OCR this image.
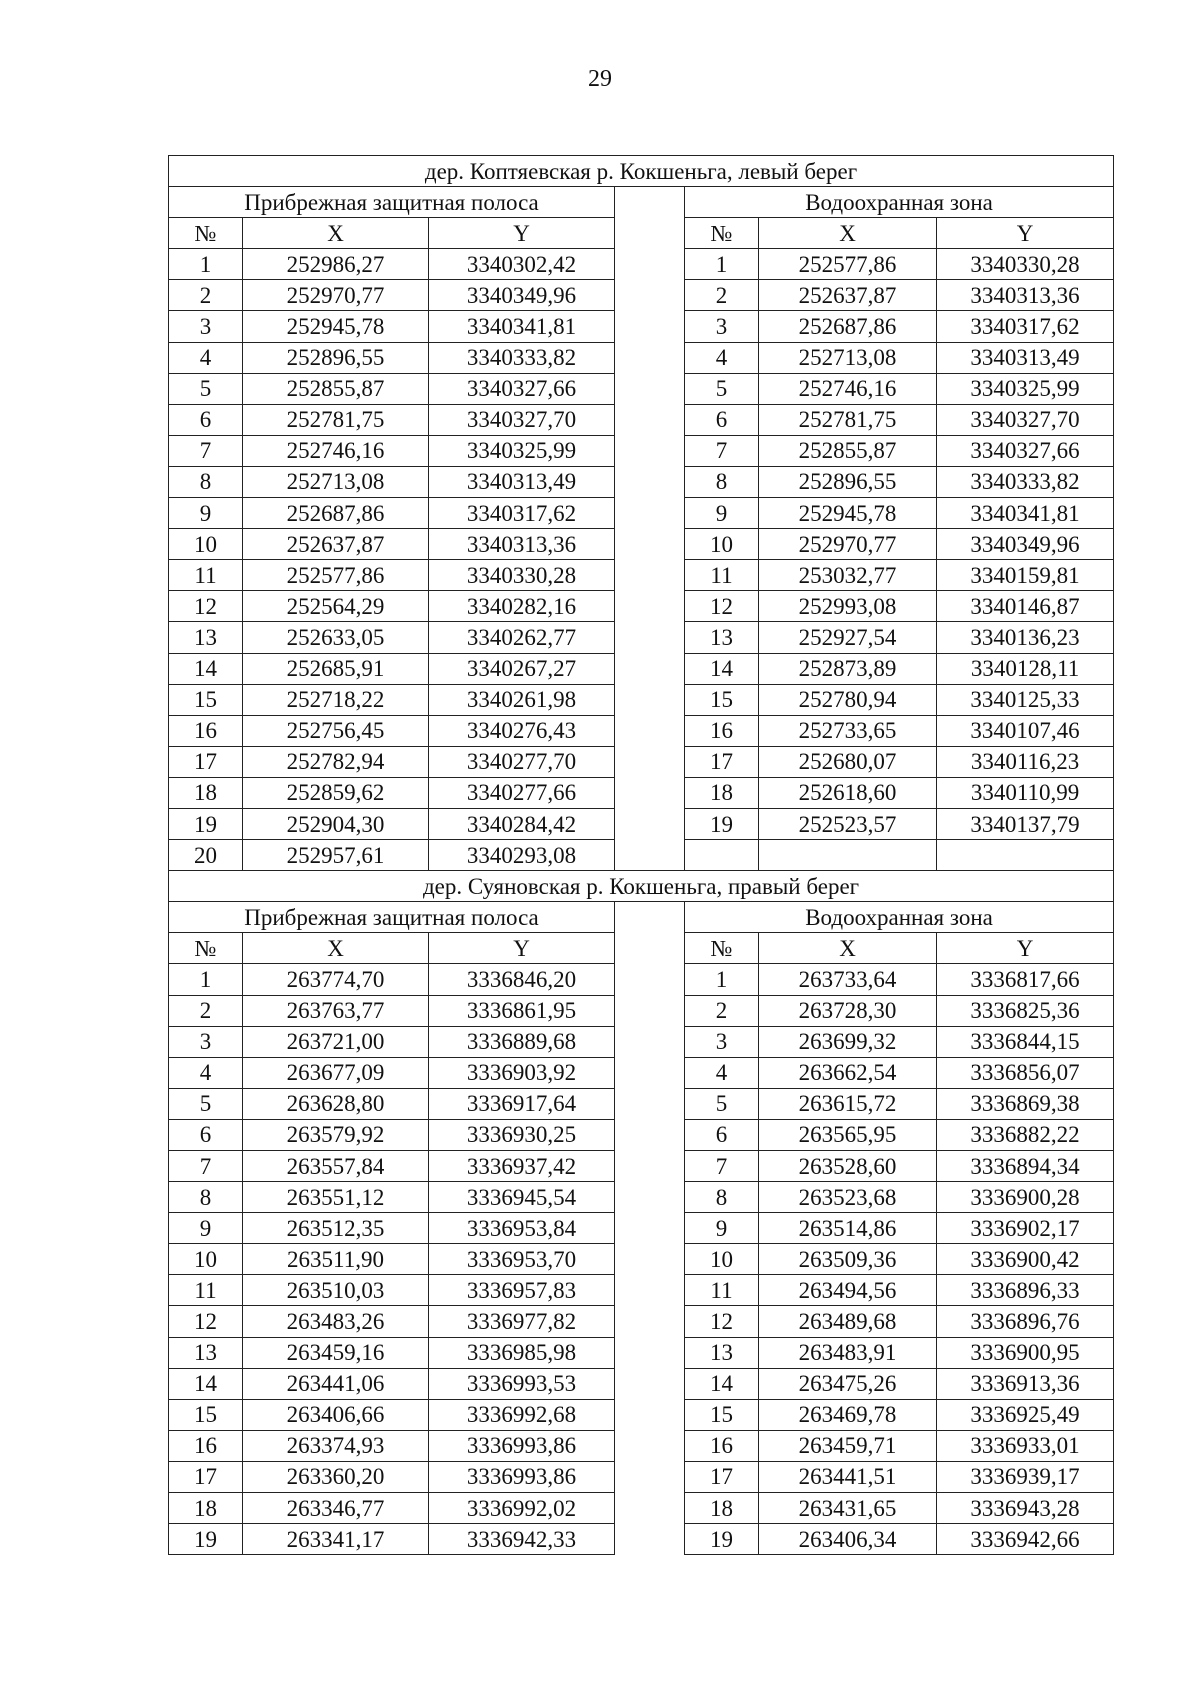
29
дер. Коптяевская р. Кокшеньга, левый берег						
Прибрежная защитная полоса				Водоохранная зона		
№	X	Y		№	X	Y
1	252986,27	3340302,42		1	252577,86	3340330,28
2	252970,77	3340349,96		2	252637,87	3340313,36
3	252945,78	3340341,81		3	252687,86	3340317,62
4	252896,55	3340333,82		4	252713,08	3340313,49
5	252855,87	3340327,66		5	252746,16	3340325,99
6	252781,75	3340327,70		6	252781,75	3340327,70
7	252746,16	3340325,99		7	252855,87	3340327,66
8	252713,08	3340313,49		8	252896,55	3340333,82
9	252687,86	3340317,62		9	252945,78	3340341,81
10	252637,87	3340313,36		10	252970,77	3340349,96
11	252577,86	3340330,28		11	253032,77	3340159,81
12	252564,29	3340282,16		12	252993,08	3340146,87
13	252633,05	3340262,77		13	252927,54	3340136,23
14	252685,91	3340267,27		14	252873,89	3340128,11
15	252718,22	3340261,98		15	252780,94	3340125,33
16	252756,45	3340276,43		16	252733,65	3340107,46
17	252782,94	3340277,70		17	252680,07	3340116,23
18	252859,62	3340277,66		18	252618,60	3340110,99
19	252904,30	3340284,42		19	252523,57	3340137,79
20	252957,61	3340293,08				
дер. Суяновская р. Кокшеньга, правый берег						
Прибрежная защитная полоса				Водоохранная зона		
№	X	Y		№	X	Y
1	263774,70	3336846,20		1	263733,64	3336817,66
2	263763,77	3336861,95		2	263728,30	3336825,36
3	263721,00	3336889,68		3	263699,32	3336844,15
4	263677,09	3336903,92		4	263662,54	3336856,07
5	263628,80	3336917,64		5	263615,72	3336869,38
6	263579,92	3336930,25		6	263565,95	3336882,22
7	263557,84	3336937,42		7	263528,60	3336894,34
8	263551,12	3336945,54		8	263523,68	3336900,28
9	263512,35	3336953,84		9	263514,86	3336902,17
10	263511,90	3336953,70		10	263509,36	3336900,42
11	263510,03	3336957,83		11	263494,56	3336896,33
12	263483,26	3336977,82		12	263489,68	3336896,76
13	263459,16	3336985,98		13	263483,91	3336900,95
14	263441,06	3336993,53		14	263475,26	3336913,36
15	263406,66	3336992,68		15	263469,78	3336925,49
16	263374,93	3336993,86		16	263459,71	3336933,01
17	263360,20	3336993,86		17	263441,51	3336939,17
18	263346,77	3336992,02		18	263431,65	3336943,28
19	263341,17	3336942,33		19	263406,34	3336942,66
